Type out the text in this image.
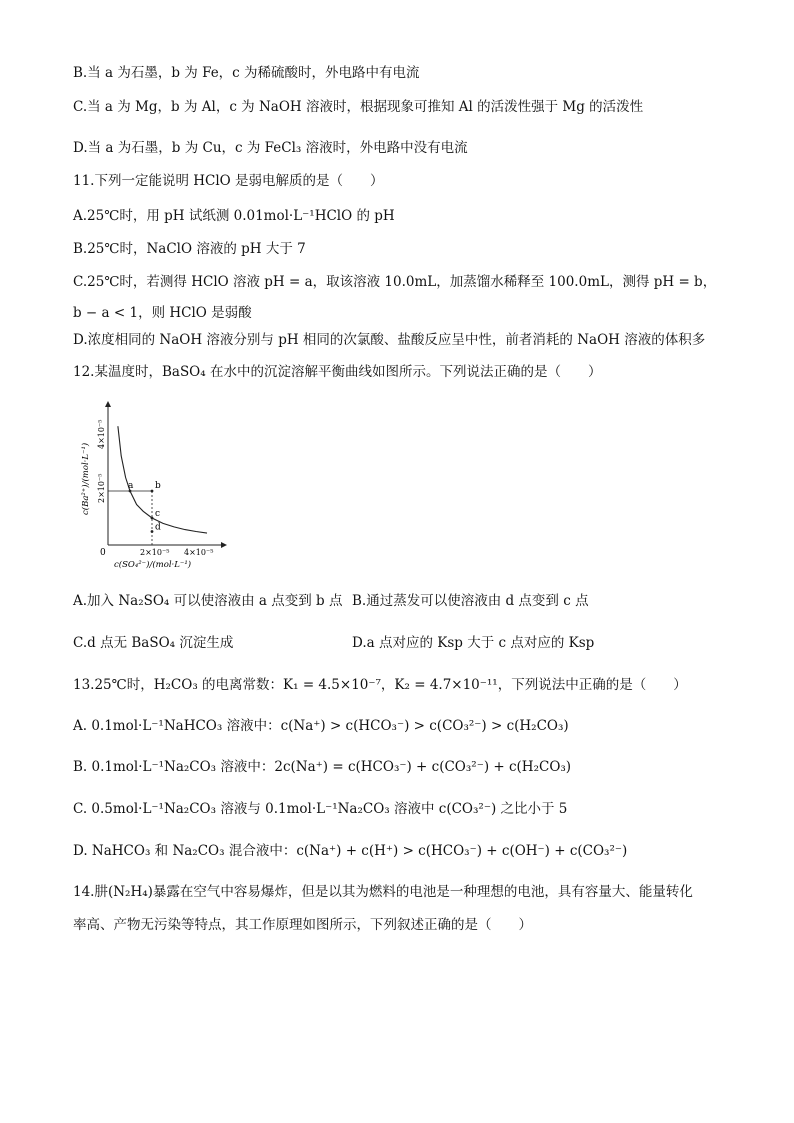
B.当 a 为石墨，b 为 Fe，c 为稀硫酸时，外电路中有电流
C.当 a 为 Mg，b 为 Al，c 为 NaOH 溶液时，根据现象可推知 Al 的活泼性强于 Mg 的活泼性
D.当 a 为石墨，b 为 Cu，c 为 FeCl₃ 溶液时，外电路中没有电流
11.下列一定能说明 HClO 是弱电解质的是（　　）
A.25℃时，用 pH 试纸测 0.01mol·L⁻¹HClO 的 pH
B.25℃时，NaClO 溶液的 pH 大于 7
C.25℃时，若测得 HClO 溶液 pH = a，取该溶液 10.0mL，加蒸馏水稀释至 100.0mL，测得 pH = b，
b − a < 1，则 HClO 是弱酸
D.浓度相同的 NaOH 溶液分别与 pH 相同的次氯酸、盐酸反应呈中性，前者消耗的 NaOH 溶液的体积多
12.某温度时，BaSO₄ 在水中的沉淀溶解平衡曲线如图所示。下列说法正确的是（　　）
0	2×10⁻⁵ 4×10⁻⁵
2×10⁻⁵
4×10⁻⁵
c(SO₄²⁻)/(mol·L⁻¹)
c(Ba²⁺)/(mol·L⁻¹)	a b
c
d
A.加入 Na₂SO₄ 可以使溶液由 a 点变到 b 点 B.通过蒸发可以使溶液由 d 点变到 c 点
C.d 点无 BaSO₄ 沉淀生成	D.a 点对应的 Ksp 大于 c 点对应的 Ksp
13.25℃时，H₂CO₃ 的电离常数：K₁ = 4.5×10⁻⁷，K₂ = 4.7×10⁻¹¹，下列说法中正确的是（　　）
A. 0.1mol·L⁻¹NaHCO₃ 溶液中：c(Na⁺) > c(HCO₃⁻) > c(CO₃²⁻) > c(H₂CO₃)
B. 0.1mol·L⁻¹Na₂CO₃ 溶液中：2c(Na⁺) = c(HCO₃⁻) + c(CO₃²⁻) + c(H₂CO₃)
C. 0.5mol·L⁻¹Na₂CO₃ 溶液与 0.1mol·L⁻¹Na₂CO₃ 溶液中 c(CO₃²⁻) 之比小于 5
D. NaHCO₃ 和 Na₂CO₃ 混合液中：c(Na⁺) + c(H⁺) > c(HCO₃⁻) + c(OH⁻) + c(CO₃²⁻)
14.肼(N₂H₄)暴露在空气中容易爆炸，但是以其为燃料的电池是一种理想的电池，具有容量大、能量转化
率高、产物无污染等特点，其工作原理如图所示，下列叙述正确的是（　　）
